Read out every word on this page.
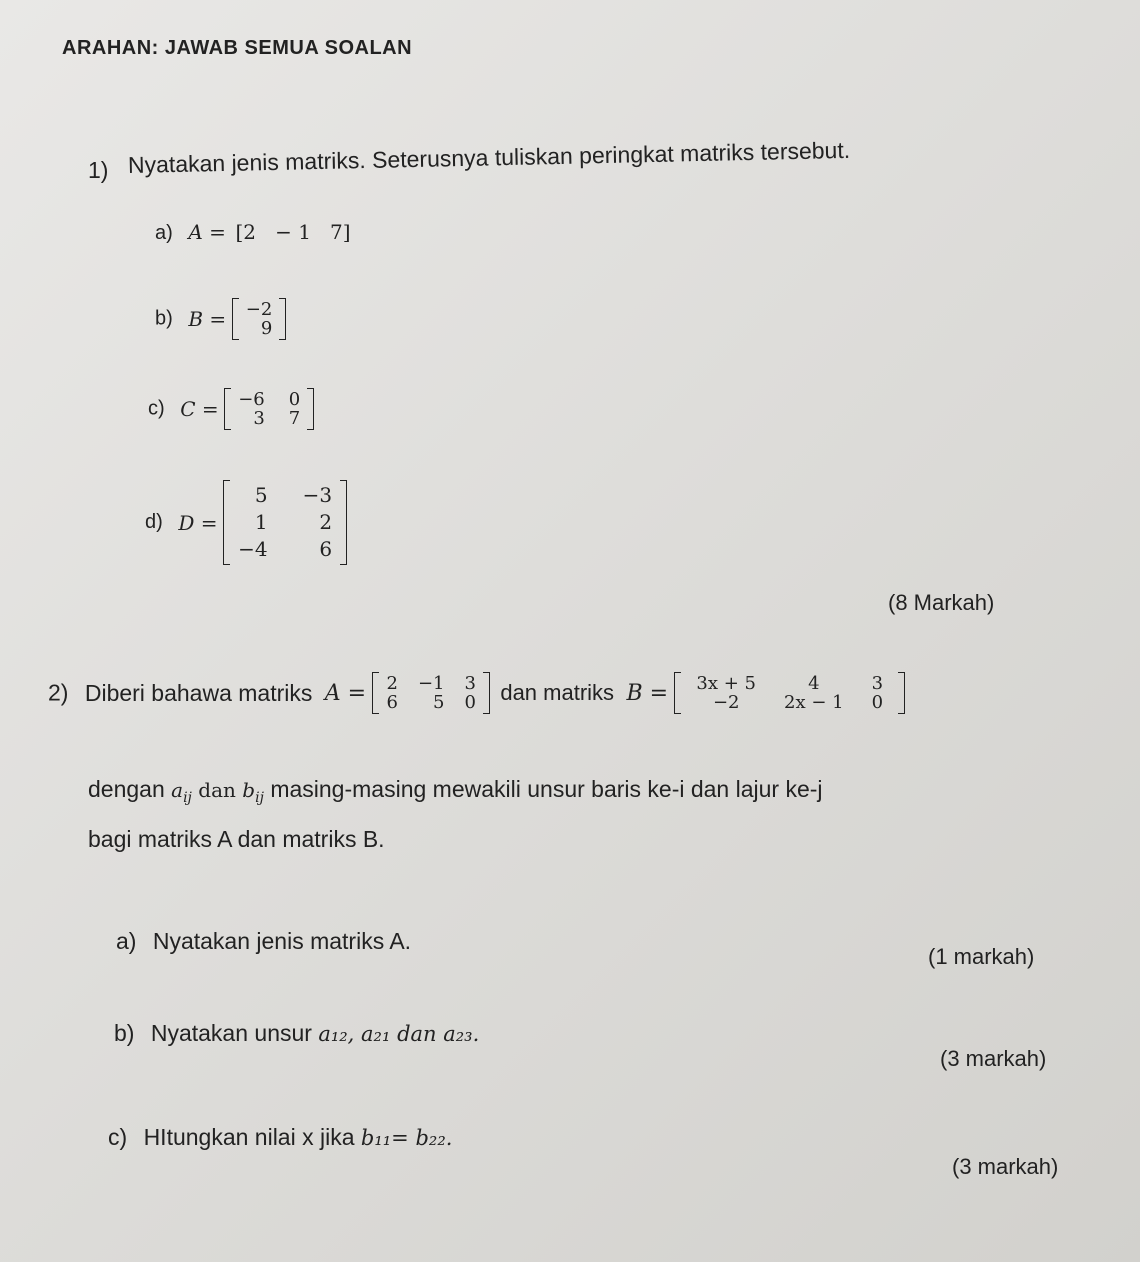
ARAHAN: JAWAB SEMUA SOALAN
1) Nyatakan jenis matriks. Seterusnya tuliskan peringkat matriks tersebut.
a) A = [2   − 1   7]
b) B = −2
9
c) C = −6	0
3	7
d) D =
5	−3
1	2
−4	6
(8 Markah)
2) Diberi bahawa matriks A = 2	−1	3
6	5	0 dan matriks B = 3x + 5	4	3
−2	2x − 1	0
dengan $a_{ij}$ dan $b_{ij}$ masing-masing mewakili unsur baris ke-i dan lajur ke-j
bagi matriks A dan matriks B.
a) Nyatakan jenis matriks A.
(1 markah)
b) Nyatakan unsur a₁₂, a₂₁ dan a₂₃.
(3 markah)
c) HItungkan nilai x jika b₁₁= b₂₂.
(3 markah)
